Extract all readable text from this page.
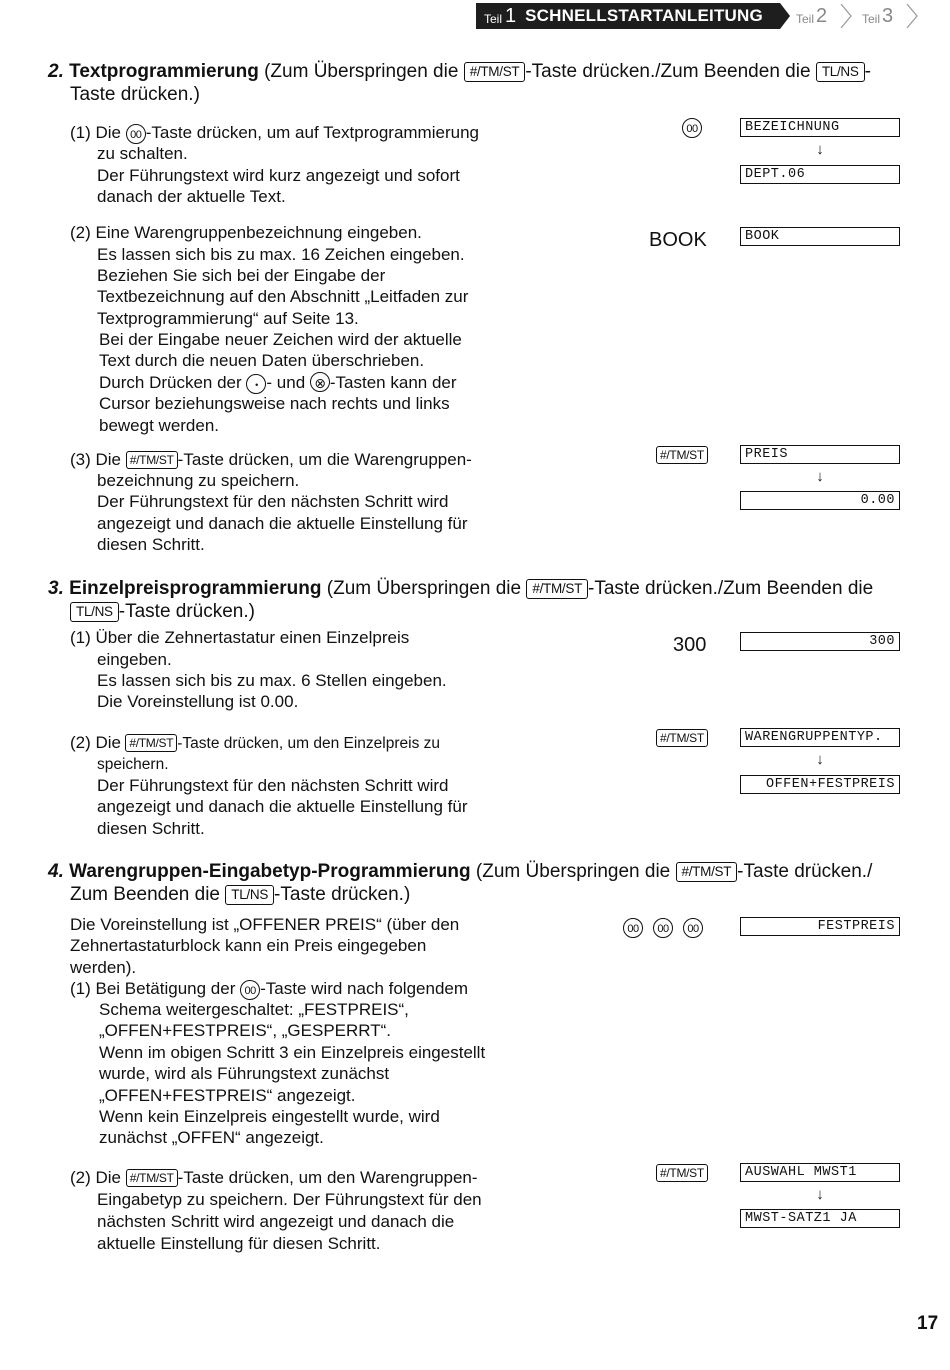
Teil 1 SCHNELLSTARTANLEITUNG	Teil 2	Teil 3
2. Textprogrammierung (Zum Überspringen die #/TM/ST -Taste drücken./Zum Beenden die TL/NS -
Taste drücken.)
(1) Die 00 -Taste drücken, um auf Textprogrammierung
zu schalten.
Der Führungstext wird kurz angezeigt und sofort
danach der aktuelle Text.
00	BEZEICHNUNG
↓
DEPT.06
(2) Eine Warengruppenbezeichnung eingeben.
Es lassen sich bis zu max. 16 Zeichen eingeben.
Beziehen Sie sich bei der Eingabe der
Textbezeichnung auf den Abschnitt „Leitfaden zur
Textprogrammierung“ auf Seite 13.
Bei der Eingabe neuer Zeichen wird der aktuelle
Text durch die neuen Daten überschrieben.
Durch Drücken der • - und ⊗ -Tasten kann der
Cursor beziehungsweise nach rechts und links
bewegt werden.
BOOK	BOOK
(3) Die #/TM/ST -Taste drücken, um die Warengruppen-
bezeichnung zu speichern.
Der Führungstext für den nächsten Schritt wird
angezeigt und danach die aktuelle Einstellung für
diesen Schritt.
#/TM/ST	PREIS
↓
0.00
3. Einzelpreisprogrammierung (Zum Überspringen die #/TM/ST -Taste drücken./Zum Beenden die
TL/NS -Taste drücken.)
(1) Über die Zehnertastatur einen Einzelpreis
eingeben.
Es lassen sich bis zu max. 6 Stellen eingeben.
Die Voreinstellung ist 0.00.
300	300
(2) Die #/TM/ST -Taste drücken, um den Einzelpreis zu
speichern.
Der Führungstext für den nächsten Schritt wird
angezeigt und danach die aktuelle Einstellung für
diesen Schritt.
#/TM/ST	WARENGRUPPENTYP.
↓
OFFEN+FESTPREIS
4. Warengruppen-Eingabetyp-Programmierung (Zum Überspringen die #/TM/ST -Taste drücken./
Zum Beenden die TL/NS -Taste drücken.)
Die Voreinstellung ist „OFFENER PREIS“ (über den
Zehnertastaturblock kann ein Preis eingegeben
werden).
(1) Bei Betätigung der 00 -Taste wird nach folgendem
Schema weitergeschaltet: „FESTPREIS“,
„OFFEN+FESTPREIS“, „GESPERRT“.
Wenn im obigen Schritt 3 ein Einzelpreis eingestellt
wurde, wird als Führungstext zunächst
„OFFEN+FESTPREIS“ angezeigt.
Wenn kein Einzelpreis eingestellt wurde, wird
zunächst „OFFEN“ angezeigt.
00	00	00	FESTPREIS
(2) Die #/TM/ST -Taste drücken, um den Warengruppen-
Eingabetyp zu speichern. Der Führungstext für den
nächsten Schritt wird angezeigt und danach die
aktuelle Einstellung für diesen Schritt.
#/TM/ST	AUSWAHL MWST1
↓
MWST-SATZ1 JA
17
